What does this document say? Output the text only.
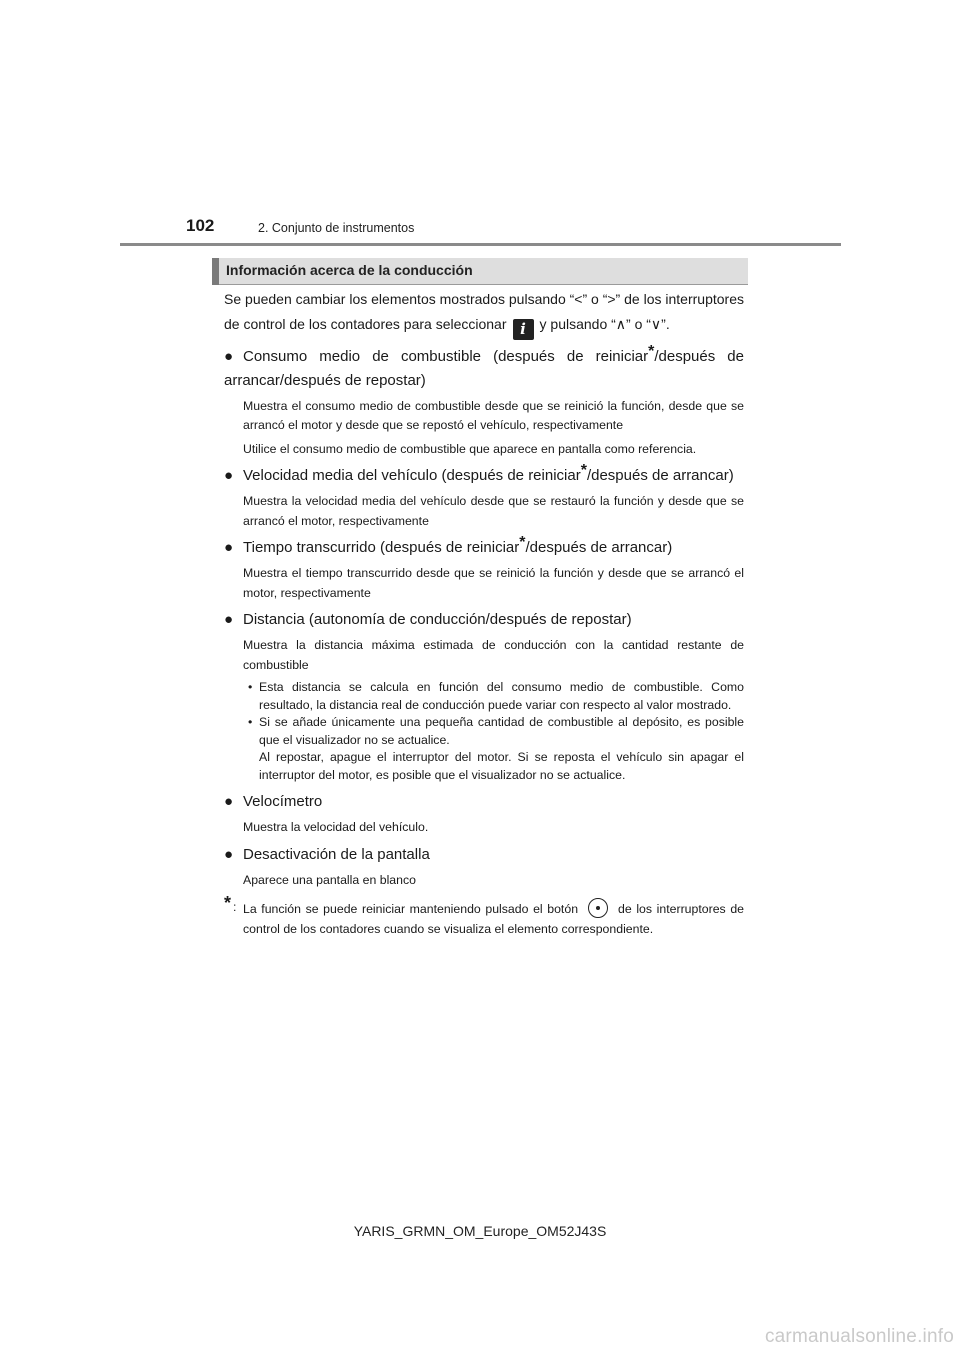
102	2. Conjunto de instrumentos
Información acerca de la conducción

Se pueden cambiar los elementos mostrados pulsando “<” o “>” de los interruptores de control de los contadores para seleccionar i y pulsando “∧” o “∨”.

● Consumo medio de combustible (después de reiniciar*/después de arrancar/después de repostar)
Muestra el consumo medio de combustible desde que se reinició la función, desde que se arrancó el motor y desde que se repostó el vehículo, respectivamente
Utilice el consumo medio de combustible que aparece en pantalla como referencia.
● Velocidad media del vehículo (después de reiniciar*/después de arrancar)
Muestra la velocidad media del vehículo desde que se restauró la función y desde que se arrancó el motor, respectivamente
● Tiempo transcurrido (después de reiniciar*/después de arrancar)
Muestra el tiempo transcurrido desde que se reinició la función y desde que se arrancó el motor, respectivamente
● Distancia (autonomía de conducción/después de repostar)
Muestra la distancia máxima estimada de conducción con la cantidad restante de combustible
• Esta distancia se calcula en función del consumo medio de combustible. Como resultado, la distancia real de conducción puede variar con respecto al valor mostrado.
• Si se añade únicamente una pequeña cantidad de combustible al depósito, es posible que el visualizador no se actualice.
Al repostar, apague el interruptor del motor. Si se reposta el vehículo sin apagar el interruptor del motor, es posible que el visualizador no se actualice.
● Velocímetro
Muestra la velocidad del vehículo.
● Desactivación de la pantalla
Aparece una pantalla en blanco
* : La función se puede reiniciar manteniendo pulsado el botón	de los interruptores de control de los contadores cuando se visualiza el elemento correspondiente.
YARIS_GRMN_OM_Europe_OM52J43S
carmanualsonline.info
